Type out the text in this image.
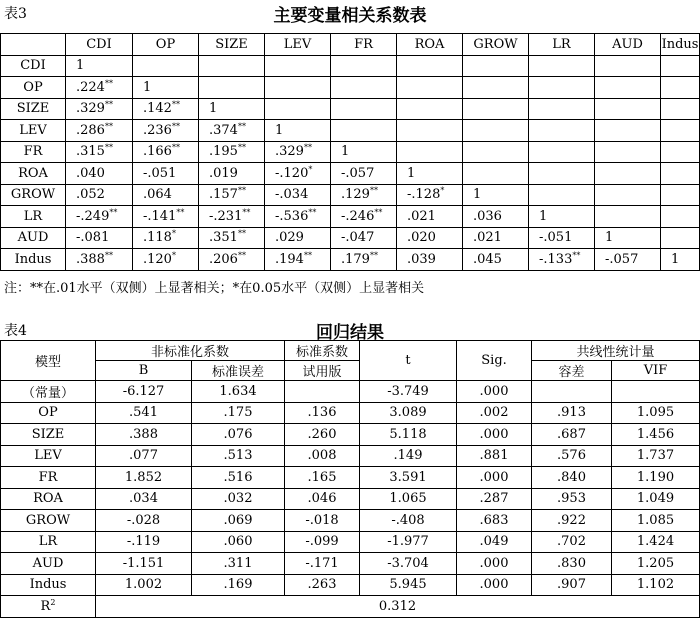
表3	主要变量相关系数表
	CDI	OP	SIZE	LEV	FR	ROA	GROW	LR	AUD	Indus
CDI	1									
OP	.224**	1								
SIZE	.329**	.142**	1							
LEV	.286**	.236**	.374**	1						
FR	.315**	.166**	.195**	.329**	1					
ROA	.040	-.051	.019	-.120*	-.057	1				
GROW	.052	.064	.157**	-.034	.129**	-.128*	1			
LR	-.249**	-.141**	-.231**	-.536**	-.246**	.021	.036	1		
AUD	-.081	.118*	.351**	.029	-.047	.020	.021	-.051	1	
Indus	.388**	.120*	.206**	.194**	.179**	.039	.045	-.133**	-.057	1
注：**在.01水平（双侧）上显著相关；*在0.05水平（双侧）上显著相关
表4	回归结果
模型	非标准化系数		标准系数	t	Sig.	共线性统计量	
	B	标准误差	试用版			容差	VIF
（常量）	-6.127	1.634		-3.749	.000		
OP	.541	.175	.136	3.089	.002	.913	1.095
SIZE	.388	.076	.260	5.118	.000	.687	1.456
LEV	.077	.513	.008	.149	.881	.576	1.737
FR	1.852	.516	.165	3.591	.000	.840	1.190
ROA	.034	.032	.046	1.065	.287	.953	1.049
GROW	-.028	.069	-.018	-.408	.683	.922	1.085
LR	-.119	.060	-.099	-1.977	.049	.702	1.424
AUD	-1.151	.311	-.171	-3.704	.000	.830	1.205
Indus	1.002	.169	.263	5.945	.000	.907	1.102
$R^2$	0.312						
